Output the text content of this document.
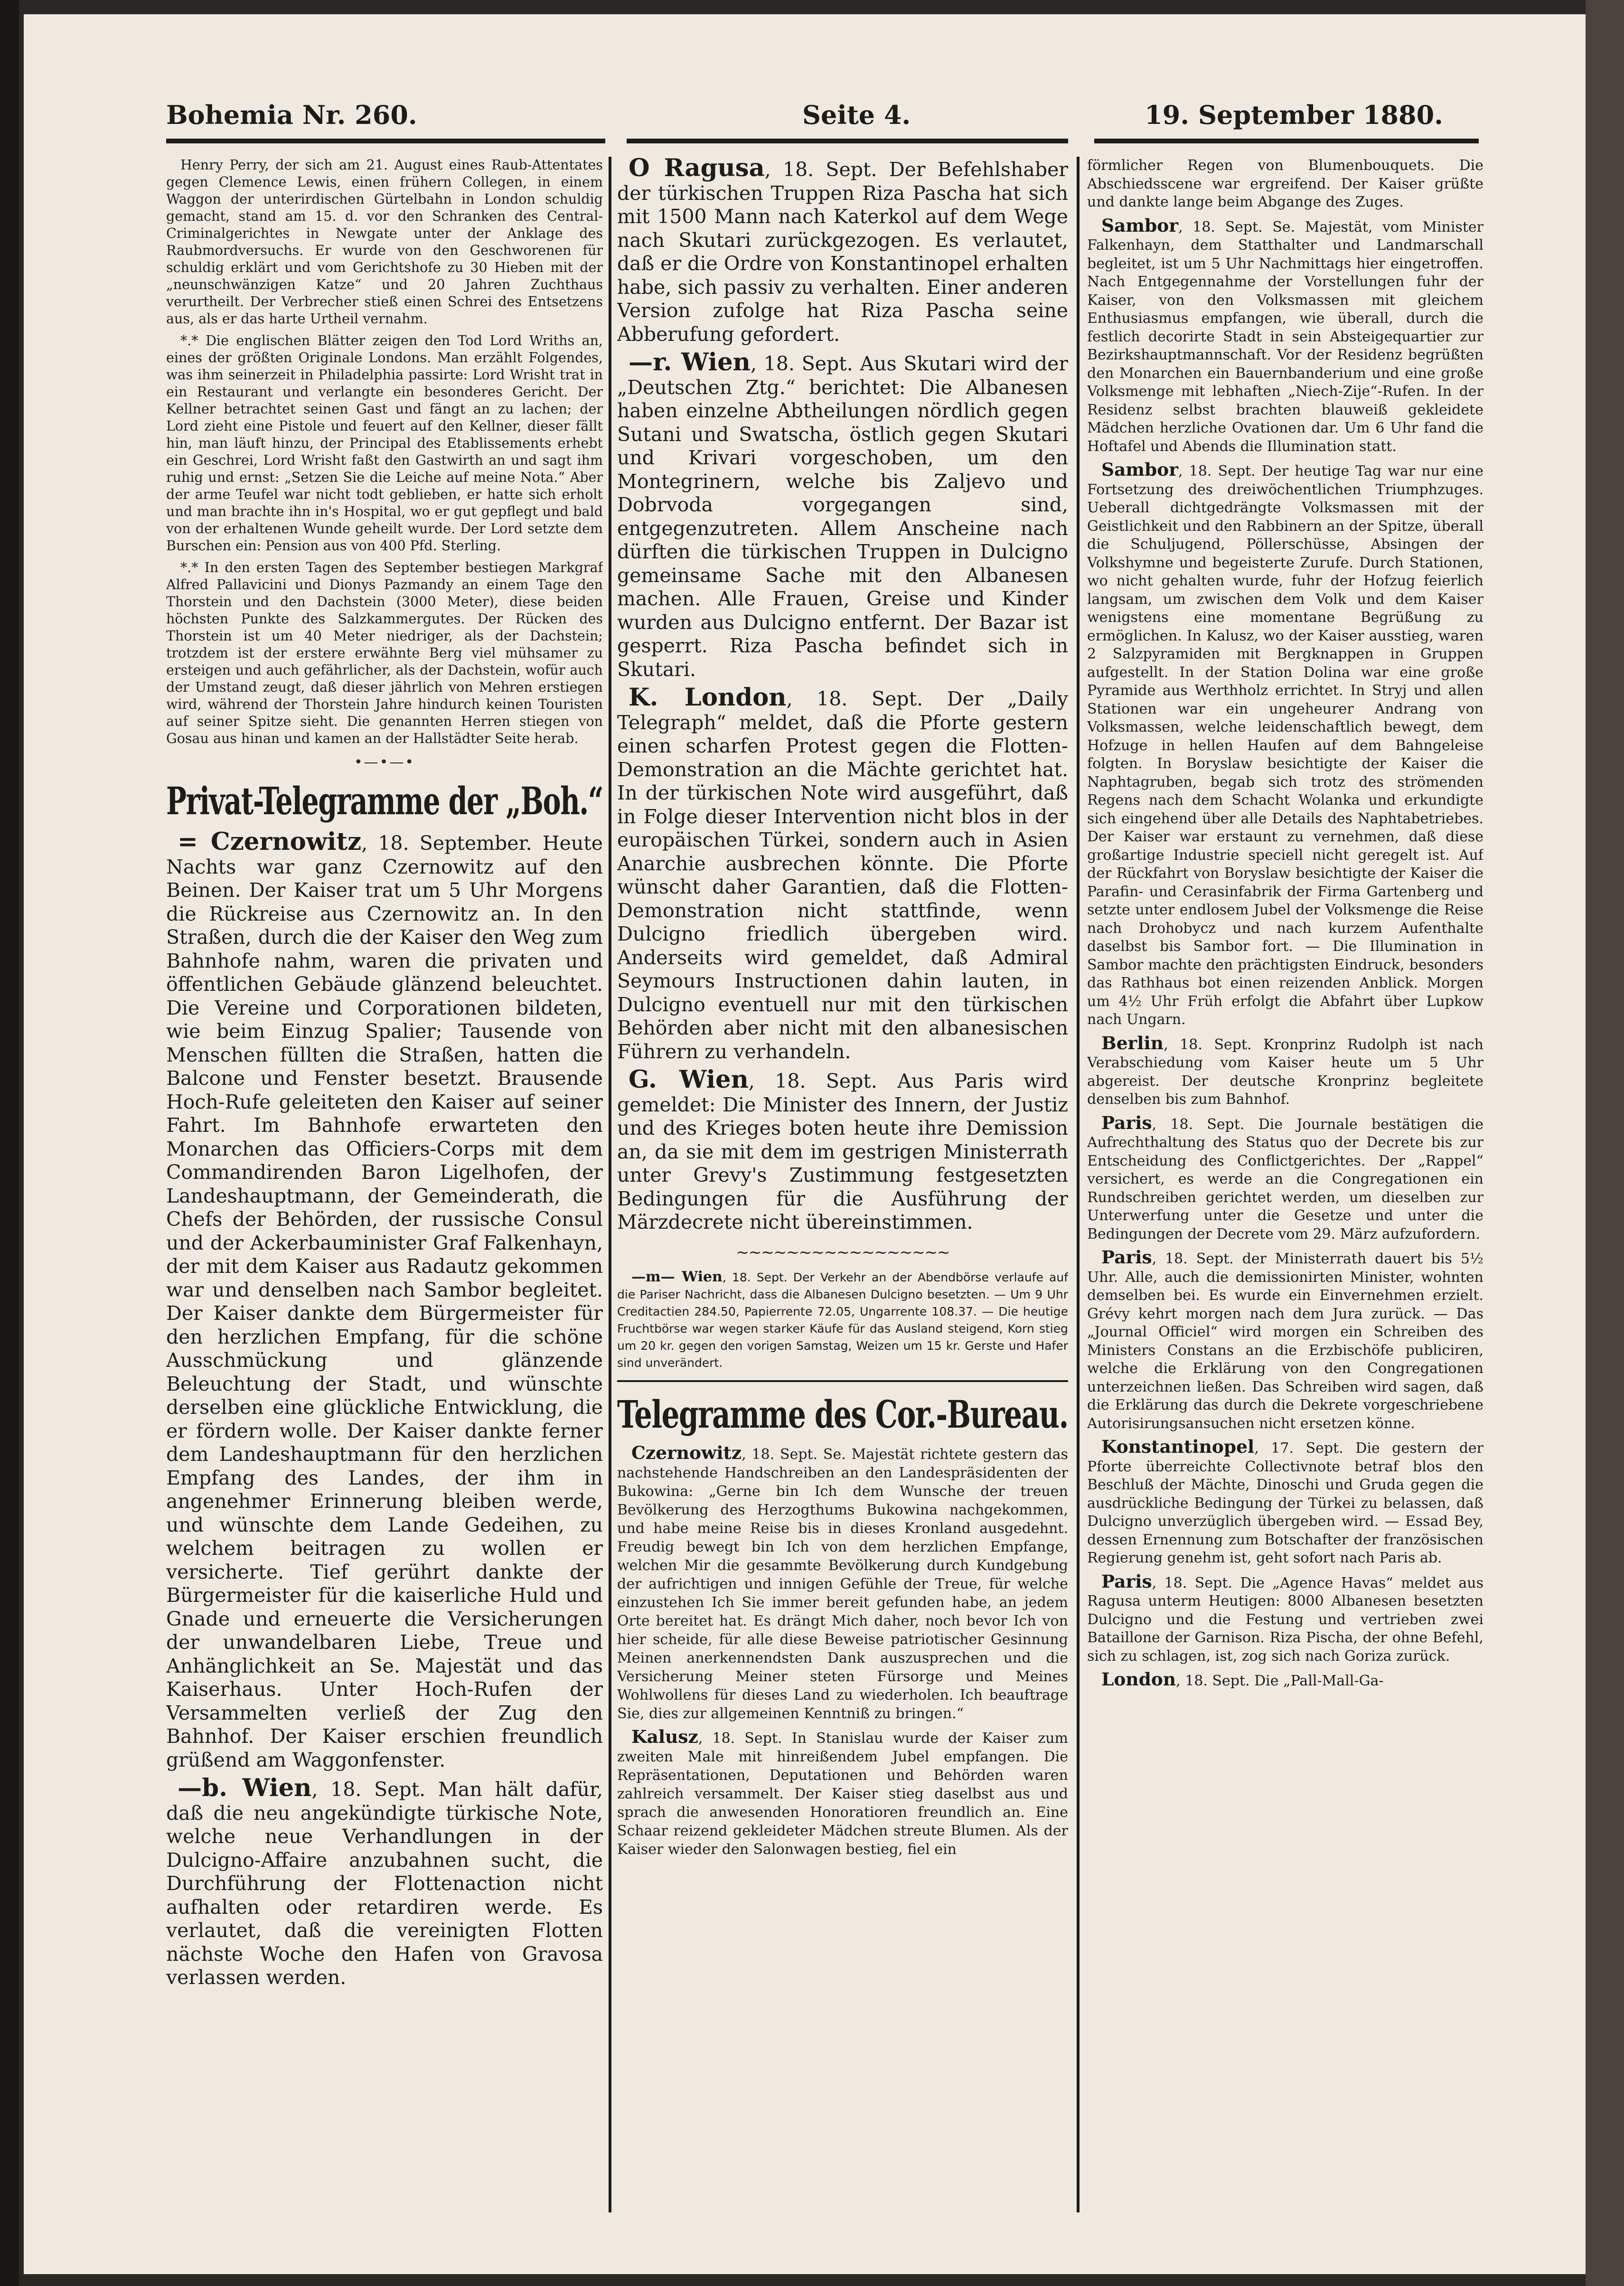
Bohemia Nr. 260.	Seite 4.	19. September 1880.

Henry Perry, der sich am 21. August eines Raub-Attentates gegen Clemence Lewis, einen frühern Collegen, in einem Waggon der unterirdischen Gürtelbahn in London schuldig gemacht, stand am 15. d. vor den Schranken des Central-Criminalgerichtes in Newgate unter der Anklage des Raubmordversuchs. Er wurde von den Geschworenen für schuldig erklärt und vom Gerichtshofe zu 30 Hieben mit der „neunschwänzigen Katze“ und 20 Jahren Zuchthaus verurtheilt. Der Verbrecher stieß einen Schrei des Entsetzens aus, als er das harte Urtheil vernahm.

*.* Die englischen Blätter zeigen den Tod Lord Wriths an, eines der größten Originale Londons. Man erzählt Folgendes, was ihm seinerzeit in Philadelphia passirte: Lord Wrisht trat in ein Restaurant und verlangte ein besonderes Gericht. Der Kellner betrachtet seinen Gast und fängt an zu lachen; der Lord zieht eine Pistole und feuert auf den Kellner, dieser fällt hin, man läuft hinzu, der Principal des Etablissements erhebt ein Geschrei, Lord Wrisht faßt den Gastwirth an und sagt ihm ruhig und ernst: „Setzen Sie die Leiche auf meine Nota.“ Aber der arme Teufel war nicht todt geblieben, er hatte sich erholt und man brachte ihn in's Hospital, wo er gut gepflegt und bald von der erhaltenen Wunde geheilt wurde. Der Lord setzte dem Burschen ein: Pension aus von 400 Pfd. Sterling.

*.* In den ersten Tagen des September bestiegen Markgraf Alfred Pallavicini und Dionys Pazmandy an einem Tage den Thorstein und den Dachstein (3000 Meter), diese beiden höchsten Punkte des Salzkammergutes. Der Rücken des Thorstein ist um 40 Meter niedriger, als der Dachstein; trotzdem ist der erstere erwähnte Berg viel mühsamer zu ersteigen und auch gefährlicher, als der Dachstein, wofür auch der Umstand zeugt, daß dieser jährlich von Mehren erstiegen wird, während der Thorstein Jahre hindurch keinen Touristen auf seiner Spitze sieht. Die genannten Herren stiegen von Gosau aus hinan und kamen an der Hallstädter Seite herab.

•—•—•
Privat-Telegramme der „Boh.“

= Czernowitz, 18. September. Heute Nachts war ganz Czernowitz auf den Beinen. Der Kaiser trat um 5 Uhr Morgens die Rückreise aus Czernowitz an. In den Straßen, durch die der Kaiser den Weg zum Bahnhofe nahm, waren die privaten und öffentlichen Gebäude glänzend beleuchtet. Die Vereine und Corporationen bildeten, wie beim Einzug Spalier; Tausende von Menschen füllten die Straßen, hatten die Balcone und Fenster besetzt. Brausende Hoch-Rufe geleiteten den Kaiser auf seiner Fahrt. Im Bahnhofe erwarteten den Monarchen das Officiers-Corps mit dem Commandirenden Baron Ligelhofen, der Landeshauptmann, der Gemeinderath, die Chefs der Behörden, der russische Consul und der Ackerbauminister Graf Falkenhayn, der mit dem Kaiser aus Radautz gekommen war und denselben nach Sambor begleitet. Der Kaiser dankte dem Bürgermeister für den herzlichen Empfang, für die schöne Ausschmückung und glänzende Beleuchtung der Stadt, und wünschte derselben eine glückliche Entwicklung, die er fördern wolle. Der Kaiser dankte ferner dem Landeshauptmann für den herzlichen Empfang des Landes, der ihm in angenehmer Erinnerung bleiben werde, und wünschte dem Lande Gedeihen, zu welchem beitragen zu wollen er versicherte. Tief gerührt dankte der Bürgermeister für die kaiserliche Huld und Gnade und erneuerte die Versicherungen der unwandelbaren Liebe, Treue und Anhänglichkeit an Se. Majestät und das Kaiserhaus. Unter Hoch-Rufen der Versammelten verließ der Zug den Bahnhof. Der Kaiser erschien freundlich grüßend am Waggonfenster.

—b. Wien, 18. Sept. Man hält dafür, daß die neu angekündigte türkische Note, welche neue Verhandlungen in der Dulcigno-Affaire anzubahnen sucht, die Durchführung der Flottenaction nicht aufhalten oder retardiren werde. Es verlautet, daß die vereinigten Flotten nächste Woche den Hafen von Gravosa verlassen werden.

O Ragusa, 18. Sept. Der Befehlshaber der türkischen Truppen Riza Pascha hat sich mit 1500 Mann nach Katerkol auf dem Wege nach Skutari zurückgezogen. Es verlautet, daß er die Ordre von Konstantinopel erhalten habe, sich passiv zu verhalten. Einer anderen Version zufolge hat Riza Pascha seine Abberufung gefordert.

—r. Wien, 18. Sept. Aus Skutari wird der „Deutschen Ztg.“ berichtet: Die Albanesen haben einzelne Abtheilungen nördlich gegen Sutani und Swatscha, östlich gegen Skutari und Krivari vorgeschoben, um den Montegrinern, welche bis Zaljevo und Dobrvoda vorgegangen sind, entgegenzutreten. Allem Anscheine nach dürften die türkischen Truppen in Dulcigno gemeinsame Sache mit den Albanesen machen. Alle Frauen, Greise und Kinder wurden aus Dulcigno entfernt. Der Bazar ist gesperrt. Riza Pascha befindet sich in Skutari.

K. London, 18. Sept. Der „Daily Telegraph“ meldet, daß die Pforte gestern einen scharfen Protest gegen die Flotten-Demonstration an die Mächte gerichtet hat. In der türkischen Note wird ausgeführt, daß in Folge dieser Intervention nicht blos in der europäischen Türkei, sondern auch in Asien Anarchie ausbrechen könnte. Die Pforte wünscht daher Garantien, daß die Flotten-Demonstration nicht stattfinde, wenn Dulcigno friedlich übergeben wird. Anderseits wird gemeldet, daß Admiral Seymours Instructionen dahin lauten, in Dulcigno eventuell nur mit den türkischen Behörden aber nicht mit den albanesischen Führern zu verhandeln.

G. Wien, 18. Sept. Aus Paris wird gemeldet: Die Minister des Innern, der Justiz und des Krieges boten heute ihre Demission an, da sie mit dem im gestrigen Ministerrath unter Grevy's Zustimmung festgesetzten Bedingungen für die Ausführung der Märzdecrete nicht übereinstimmen.

~~~~~~~~~~~~~~~~~

—m— Wien, 18. Sept. Der Verkehr an der Abendbörse verlaufe auf die Pariser Nachricht, dass die Albanesen Dulcigno besetzten. — Um 9 Uhr Creditactien 284.50, Papierrente 72.05, Ungarrente 108.37. — Die heutige Fruchtbörse war wegen starker Käufe für das Ausland steigend, Korn stieg um 20 kr. gegen den vorigen Samstag, Weizen um 15 kr. Gerste und Hafer sind unverändert.

Telegramme des Cor.-Bureau.

Czernowitz, 18. Sept. Se. Majestät richtete gestern das nachstehende Handschreiben an den Landespräsidenten der Bukowina: „Gerne bin Ich dem Wunsche der treuen Bevölkerung des Herzogthums Bukowina nachgekommen, und habe meine Reise bis in dieses Kronland ausgedehnt. Freudig bewegt bin Ich von dem herzlichen Empfange, welchen Mir die gesammte Bevölkerung durch Kundgebung der aufrichtigen und innigen Gefühle der Treue, für welche einzustehen Ich Sie immer bereit gefunden habe, an jedem Orte bereitet hat. Es drängt Mich daher, noch bevor Ich von hier scheide, für alle diese Beweise patriotischer Gesinnung Meinen anerkennendsten Dank auszusprechen und die Versicherung Meiner steten Fürsorge und Meines Wohlwollens für dieses Land zu wiederholen. Ich beauftrage Sie, dies zur allgemeinen Kenntniß zu bringen.“

Kalusz, 18. Sept. In Stanislau wurde der Kaiser zum zweiten Male mit hinreißendem Jubel empfangen. Die Repräsentationen, Deputationen und Behörden waren zahlreich versammelt. Der Kaiser stieg daselbst aus und sprach die anwesenden Honoratioren freundlich an. Eine Schaar reizend gekleideter Mädchen streute Blumen. Als der Kaiser wieder den Salonwagen bestieg, fiel ein

förmlicher Regen von Blumenbouquets. Die Abschiedsscene war ergreifend. Der Kaiser grüßte und dankte lange beim Abgange des Zuges.

Sambor, 18. Sept. Se. Majestät, vom Minister Falkenhayn, dem Statthalter und Landmarschall begleitet, ist um 5 Uhr Nachmittags hier eingetroffen. Nach Entgegennahme der Vorstellungen fuhr der Kaiser, von den Volksmassen mit gleichem Enthusiasmus empfangen, wie überall, durch die festlich decorirte Stadt in sein Absteigequartier zur Bezirkshauptmannschaft. Vor der Residenz begrüßten den Monarchen ein Bauernbanderium und eine große Volksmenge mit lebhaften „Niech-Zije“-Rufen. In der Residenz selbst brachten blauweiß gekleidete Mädchen herzliche Ovationen dar. Um 6 Uhr fand die Hoftafel und Abends die Illumination statt.

Sambor, 18. Sept. Der heutige Tag war nur eine Fortsetzung des dreiwöchentlichen Triumphzuges. Ueberall dichtgedrängte Volksmassen mit der Geistlichkeit und den Rabbinern an der Spitze, überall die Schuljugend, Pöllerschüsse, Absingen der Volkshymne und begeisterte Zurufe. Durch Stationen, wo nicht gehalten wurde, fuhr der Hofzug feierlich langsam, um zwischen dem Volk und dem Kaiser wenigstens eine momentane Begrüßung zu ermöglichen. In Kalusz, wo der Kaiser ausstieg, waren 2 Salzpyramiden mit Bergknappen in Gruppen aufgestellt. In der Station Dolina war eine große Pyramide aus Werthholz errichtet. In Stryj und allen Stationen war ein ungeheurer Andrang von Volksmassen, welche leidenschaftlich bewegt, dem Hofzuge in hellen Haufen auf dem Bahngeleise folgten. In Boryslaw besichtigte der Kaiser die Naphtagruben, begab sich trotz des strömenden Regens nach dem Schacht Wolanka und erkundigte sich eingehend über alle Details des Naphtabetriebes. Der Kaiser war erstaunt zu vernehmen, daß diese großartige Industrie speciell nicht geregelt ist. Auf der Rückfahrt von Boryslaw besichtigte der Kaiser die Parafin- und Cerasinfabrik der Firma Gartenberg und setzte unter endlosem Jubel der Volksmenge die Reise nach Drohobycz und nach kurzem Aufenthalte daselbst bis Sambor fort. — Die Illumination in Sambor machte den prächtigsten Eindruck, besonders das Rathhaus bot einen reizenden Anblick. Morgen um 4½ Uhr Früh erfolgt die Abfahrt über Lupkow nach Ungarn.

Berlin, 18. Sept. Kronprinz Rudolph ist nach Verabschiedung vom Kaiser heute um 5 Uhr abgereist. Der deutsche Kronprinz begleitete denselben bis zum Bahnhof.

Paris, 18. Sept. Die Journale bestätigen die Aufrechthaltung des Status quo der Decrete bis zur Entscheidung des Conflictgerichtes. Der „Rappel“ versichert, es werde an die Congregationen ein Rundschreiben gerichtet werden, um dieselben zur Unterwerfung unter die Gesetze und unter die Bedingungen der Decrete vom 29. März aufzufordern.

Paris, 18. Sept. der Ministerrath dauert bis 5½ Uhr. Alle, auch die demissionirten Minister, wohnten demselben bei. Es wurde ein Einvernehmen erzielt. Grévy kehrt morgen nach dem Jura zurück. — Das „Journal Officiel“ wird morgen ein Schreiben des Ministers Constans an die Erzbischöfe publiciren, welche die Erklärung von den Congregationen unterzeichnen ließen. Das Schreiben wird sagen, daß die Erklärung das durch die Dekrete vorgeschriebene Autorisirungsansuchen nicht ersetzen könne.

Konstantinopel, 17. Sept. Die gestern der Pforte überreichte Collectivnote betraf blos den Beschluß der Mächte, Dinoschi und Gruda gegen die ausdrückliche Bedingung der Türkei zu belassen, daß Dulcigno unverzüglich übergeben wird. — Essad Bey, dessen Ernennung zum Botschafter der französischen Regierung genehm ist, geht sofort nach Paris ab.

Paris, 18. Sept. Die „Agence Havas“ meldet aus Ragusa unterm Heutigen: 8000 Albanesen besetzten Dulcigno und die Festung und vertrieben zwei Bataillone der Garnison. Riza Pischa, der ohne Befehl, sich zu schlagen, ist, zog sich nach Goriza zurück.

London, 18. Sept. Die „Pall-Mall-Ga-
